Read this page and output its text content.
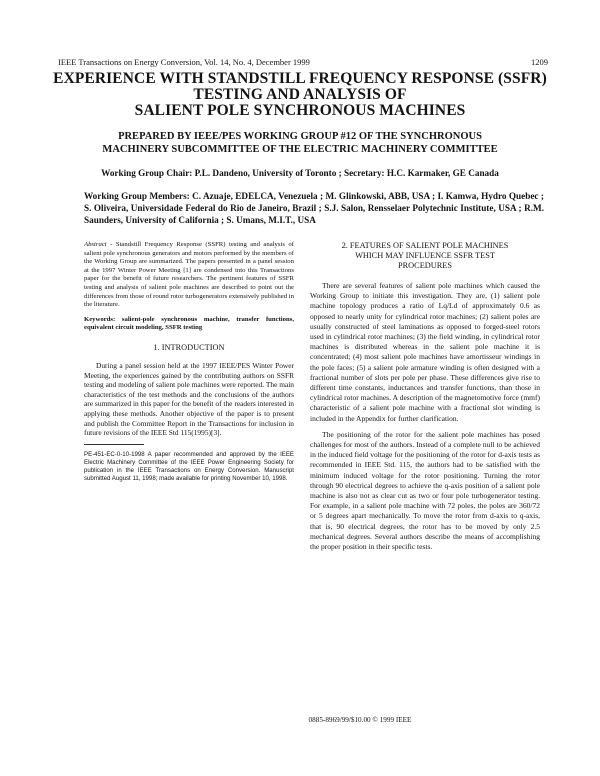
IEEE Transactions on Energy Conversion, Vol. 14, No. 4, December 1999	1209
EXPERIENCE WITH STANDSTILL FREQUENCY RESPONSE (SSFR)
TESTING AND ANALYSIS OF
SALIENT POLE SYNCHRONOUS MACHINES
PREPARED BY IEEE/PES WORKING GROUP #12 OF THE SYNCHRONOUS
MACHINERY SUBCOMMITTEE OF THE ELECTRIC MACHINERY COMMITTEE
Working Group Chair: P.L. Dandeno, University of Toronto ; Secretary: H.C. Karmaker, GE Canada
Working Group Members: C. Azuaje, EDELCA, Venezuela ; M. Glinkowski, ABB, USA ; I. Kamwa, Hydro Quebec ; S. Oliveira, Universidade Federal do Rio de Janeiro, Brazil ; S.J. Salon, Rensselaer Polytechnic Institute, USA ; R.M. Saunders, University of California ; S. Umans, M.I.T., USA

Abstract - Standstill Frequency Response (SSFR) testing and analysis of salient pole synchronous generators and motors performed by the members of the Working Group are summarized. The papers presented in a panel session at the 1997 Winter Power Meeting [1] are condensed into this Transactions paper for the benefit of future researchers. The pertinent features of SSFR testing and analysis of salient pole machines are described to point out the differences from those of round rotor turbogenerators extensively published in the literature.

Keywords: salient-pole synchronous machine, transfer functions, equivalent circuit modeling, SSFR testing

1. INTRODUCTION

During a panel session held at the 1997 IEEE/PES Winter Power Meeting, the experiences gained by the contributing authors on SSFR testing and modeling of salient pole machines were reported. The main characteristics of the test methods and the conclusions of the authors are summarized in this paper for the benefit of the readers interested in applying these methods. Another objective of the paper is to present and publish the Committee Report in the Transactions for inclusion in future revisions of the IEEE Std 115(1995)[3].

PE-451-EC-0-10-1998 A paper recommended and approved by the IEEE Electric Machinery Committee of the IEEE Power Engineering Society for publication in the IEEE Transactions on Energy Conversion. Manuscript submitted August 11, 1998; made available for printing November 10, 1998.

2. FEATURES OF SALIENT POLE MACHINES
WHICH MAY INFLUENCE SSFR TEST
PROCEDURES

There are several features of salient pole machines which caused the Working Group to initiate this investigation. They are, (1) salient pole machine topology produces a ratio of Lq/Ld of approximately 0.6 as opposed to nearly unity for cylindrical rotor machines; (2) salient poles are usually constructed of steel laminations as opposed to forged-steel rotors used in cylindrical rotor machines; (3) the field winding, in cylindrical rotor machines is distributed whereas in the salient pole machine it is concentrated; (4) most salient pole machines have amortisseur windings in the pole faces; (5) a salient pole armature winding is often designed with a fractional number of slots per pole per phase. These differences give rise to different time constants, inductances and transfer functions, than those in cylindrical rotor machines. A description of the magnetomotive force (mmf) characteristic of a salient pole machine with a fractional slot winding is included in the Appendix for further clarification.

The positioning of the rotor for the salient pole machines has posed challenges for most of the authors. Instead of a complete null to be achieved in the induced field voltage for the positioning of the rotor for d-axis tests as recommended in IEEE Std. 115, the authors had to be satisfied with the minimum induced voltage for the rotor positioning. Turning the rotor through 90 electrical degrees to achieve the q-axis position of a salient pole machine is also not as clear cut as two or four pole turbogenerator testing. For example, in a salient pole machine with 72 poles, the poles are 360/72 or 5 degrees apart mechanically. To move the rotor from d-axis to q-axis, that is, 90 electrical degrees, the rotor has to be moved by only 2.5 mechanical degrees. Several authors describe the means of accomplishing the proper position in their specific tests.

0885-8969/99/$10.00 © 1999 IEEE
